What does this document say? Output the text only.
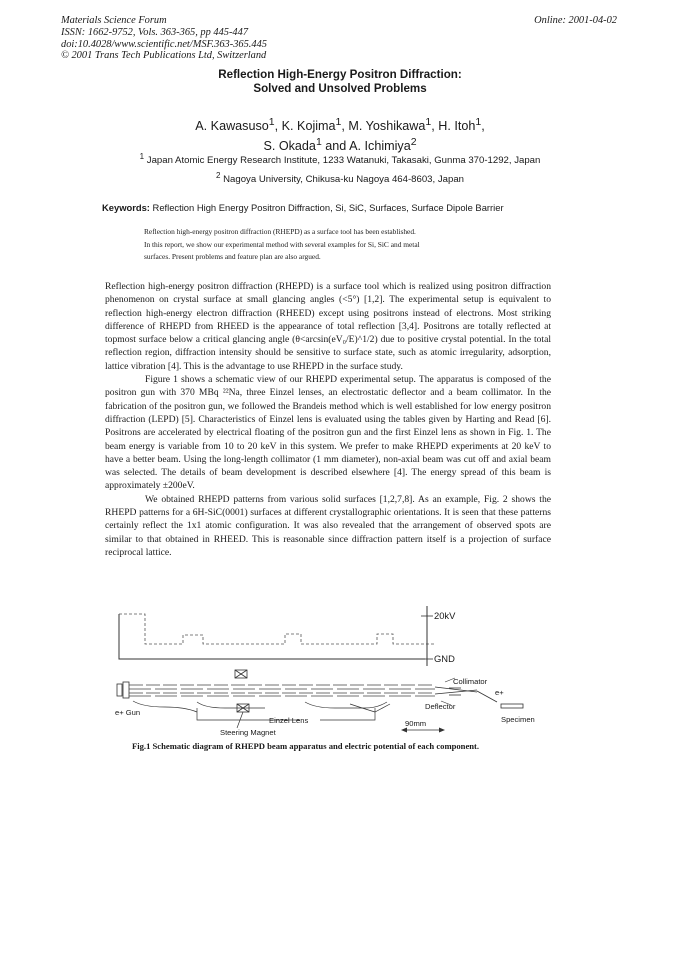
Materials Science Forum
ISSN: 1662-9752, Vols. 363-365, pp 445-447
doi:10.4028/www.scientific.net/MSF.363-365.445
© 2001 Trans Tech Publications Ltd, Switzerland
Online: 2001-04-02
Reflection High-Energy Positron Diffraction:
Solved and Unsolved Problems
A. Kawasuso$^1$, K. Kojima$^1$, M. Yoshikawa$^1$, H. Itoh$^1$,
S. Okada$^1$ and A. Ichimiya$^2$
$^1$ Japan Atomic Energy Research Institute, 1233 Watanuki, Takasaki, Gunma 370-1292, Japan
$^2$ Nagoya University, Chikusa-ku Nagoya 464-8603, Japan
Keywords: Reflection High Energy Positron Diffraction, Si, SiC, Surfaces, Surface Dipole Barrier
Reflection high-energy positron diffraction (RHEPD) as a surface tool has been established.
In this report, we show our experimental method with several examples for Si, SiC and metal
surfaces. Present problems and feature plan are also argued.

Reflection high-energy positron diffraction (RHEPD) is a surface tool which is realized using positron diffraction phenomenon on crystal surface at small glancing angles (<5°) [1,2]. The experimental setup is equivalent to reflection high-energy electron diffraction (RHEED) except using positrons instead of electrons. Most striking difference of RHEPD from RHEED is the appearance of total reflection [3,4]. Positrons are totally reflected at topmost surface below a critical glancing angle (θ<arcsin(eV₀/E)^1/2) due to positive crystal potential. In the total reflection region, diffraction intensity should be sensitive to surface state, such as atomic irregularity, adsorption, lattice vibration [4]. This is the advantage to use RHEPD in the surface study.

Figure 1 shows a schematic view of our RHEPD experimental setup. The apparatus is composed of the positron gun with 370 MBq ²²Na, three Einzel lenses, an electrostatic deflector and a beam collimator. In the fabrication of the positron gun, we followed the Brandeis method which is well established for low energy positron diffraction (LEPD) [5]. Characteristics of Einzel lens is evaluated using the tables given by Harting and Read [6]. Positrons are accelerated by electrical floating of the positron gun and the first Einzel lens as shown in Fig. 1. The beam energy is variable from 10 to 20 keV in this system. We prefer to make RHEPD experiments at 20 keV to have a better beam. Using the long-length collimator (1 mm diameter), non-axial beam was cut off and axial beam was selected. The details of beam development is described elsewhere [4]. The energy spread of this beam is approximately ±200eV.

We obtained RHEPD patterns from various solid surfaces [1,2,7,8]. As an example, Fig. 2 shows the RHEPD patterns for a 6H-SiC(0001) surfaces at different crystallographic orientations. It is seen that these patterns certainly reflect the 1x1 atomic configuration. It was also revealed that the arrangement of observed spots are similar to that obtained in RHEED. This is reasonable since diffraction pattern itself is a projection of surface reciprocal lattice.

20kV
GND
Collimator
e+
Deflector
Specimen
e+ Gun
Einzel Lens	90mm
Steering Magnet
Fig.1 Schematic diagram of RHEPD beam apparatus and electric potential of each component.
